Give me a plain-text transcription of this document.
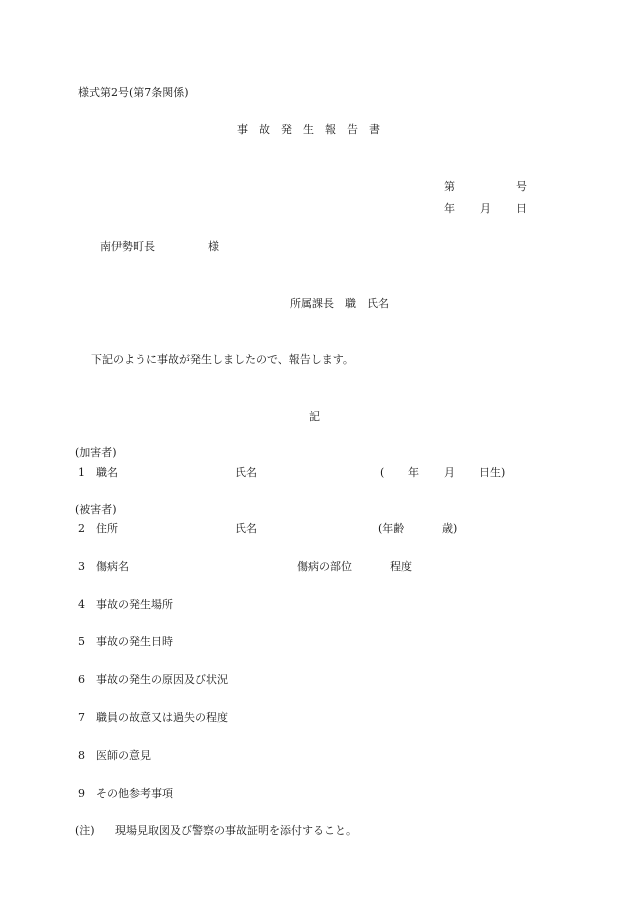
様式第2号(第7条関係)
事　故　発　生　報　告　書
第	号
年 月 日
南伊勢町長	様
所属課長　職　氏名
下記のように事故が発生しましたので、報告します。
記
(加害者)
1 職名	氏名	( 年 月 日生)
(被害者)
2 住所	氏名	(年齢	歳)
3 傷病名	傷病の部位	程度
4 事故の発生場所
5 事故の発生日時
6 事故の発生の原因及び状況
7 職員の故意又は過失の程度
8 医師の意見
9 その他参考事項
(注) 現場見取図及び警察の事故証明を添付すること。
